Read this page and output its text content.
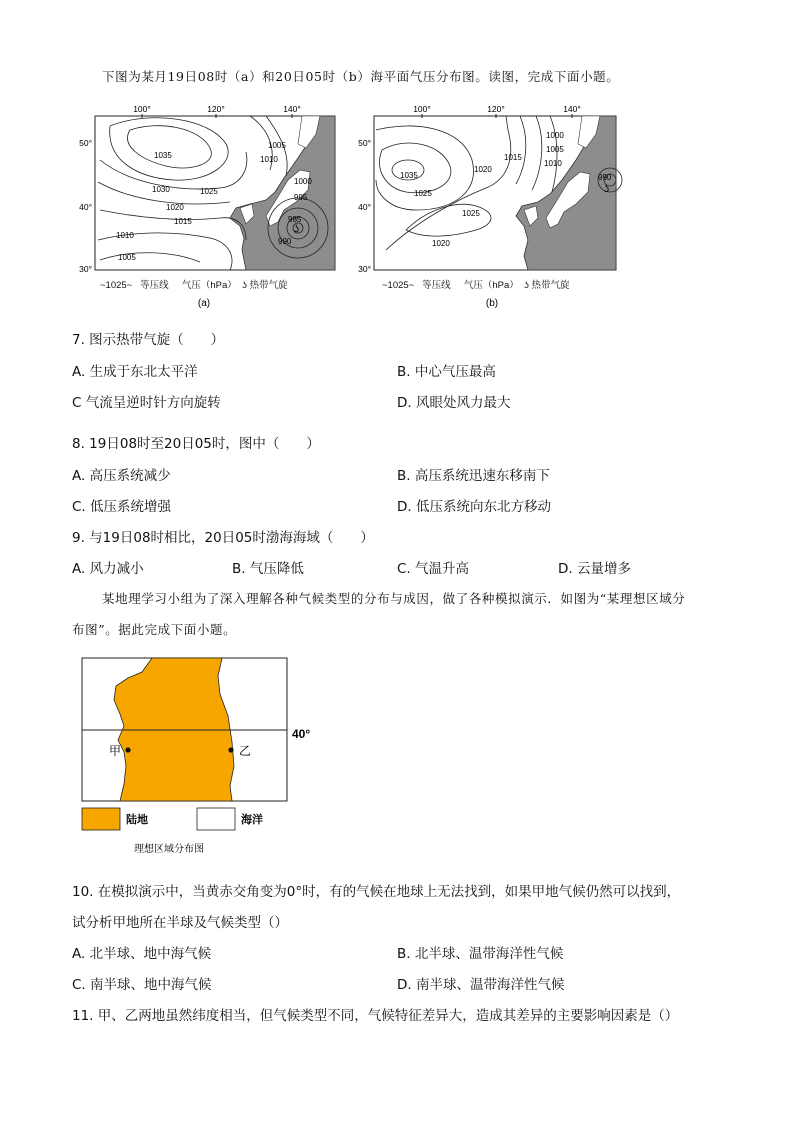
下图为某月19日08时（a）和20日05时（b）海平面气压分布图。读图，完成下面小题。
100°	120°	140°
50°
40°
30°
1035
1030	1025
1020
1015
1010
1005
1010
1005
1000
995
985
990
ʖ
(a)
100°	120°	140°
50°
40°
30°
1035
1025
1020
1015
1010
1005
1000
1025
1020
990
ʖ
(b)
~1025~ 等压线 气压（hPa） ʖ 热带气旋	~1025~ 等压线 气压（hPa） ʖ 热带气旋
7. 图示热带气旋（　　）
A. 生成于东北太平洋	B. 中心气压最高
C 气流呈逆时针方向旋转	D. 风眼处风力最大
8. 19日08时至20日05时，图中（　　）
A. 高压系统减少	B. 高压系统迅速东移南下
C. 低压系统增强	D. 低压系统向东北方移动
9. 与19日08时相比，20日05时渤海海域（　　）
A. 风力减小	B. 气压降低	C. 气温升高	D. 云量增多
某地理学习小组为了深入理解各种气候类型的分布与成因，做了各种模拟演示．如图为“某理想区域分
布图”。据此完成下面小题。
甲	乙
40°
陆地	海洋
理想区域分布图
10. 在模拟演示中，当黄赤交角变为0°时，有的气候在地球上无法找到，如果甲地气候仍然可以找到，
试分析甲地所在半球及气候类型（）
A. 北半球、地中海气候	B. 北半球、温带海洋性气候
C. 南半球、地中海气候	D. 南半球、温带海洋性气候
11. 甲、乙两地虽然纬度相当，但气候类型不同，气候特征差异大，造成其差异的主要影响因素是（）
